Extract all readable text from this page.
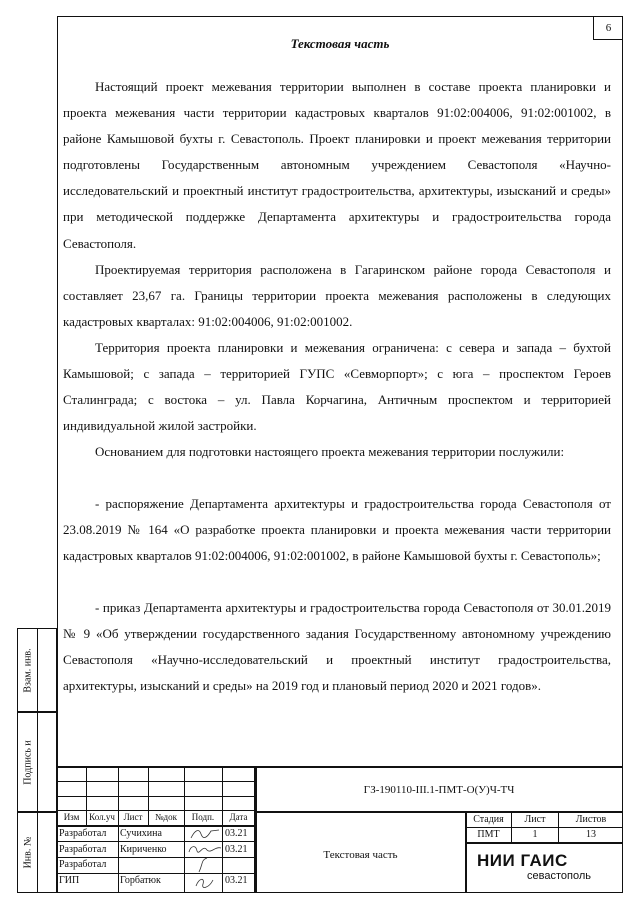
6
Текстовая часть

Настоящий проект межевания территории выполнен в составе проекта планировки и проекта межевания части территории кадастровых кварталов 91:02:004006, 91:02:001002, в районе Камышовой бухты г. Севастополь. Проект планировки и проект межевания территории подготовлены Государственным автономным учреждением Севастополя «Научно-исследовательский и проектный институт градостроительства, архитектуры, изысканий и среды» при методической поддержке Департамента архитектуры и градостроительства города Севастополя.

Проектируемая территория расположена в Гагаринском районе города Севастополя и составляет 23,67 га. Границы территории проекта межевания расположены в следующих кадастровых кварталах: 91:02:004006, 91:02:001002.

Территория проекта планировки и межевания ограничена: с севера и запада – бухтой Камышовой; с запада – территорией ГУПС «Севморпорт»; с юга – проспектом Героев Сталинграда; с востока – ул. Павла Корчагина, Античным проспектом и территорией индивидуальной жилой застройки.

Основанием для подготовки настоящего проекта межевания территории послужили:

- распоряжение Департамента архитектуры и градостроительства города Севастополя от 23.08.2019 № 164 «О разработке проекта планировки и проекта межевания части территории кадастровых кварталов 91:02:004006, 91:02:001002, в районе Камышовой бухты г. Севастополь»;

- приказ Департамента архитектуры и градостроительства города Севастополя от 30.01.2019 № 9 «Об утверждении государственного задания Государственному автономному учреждению Севастополя «Научно-исследовательский и проектный институт градостроительства, архитектуры, изысканий и среды» на 2019 год и плановый период 2020 и 2021 годов».

Взам. инв.
Подпись и
Инв. №
ГЗ-190110-III.1-ПМТ-О(У)Ч-ТЧ
Изм	Кол.уч Лист	№док	Подп.	Дата
Разработал Сучихина	03.21
Разработал Кириченко	03.21
Разработал
ГИП	Горбатюк	03.21
Текстовая часть
Стадия	Лист	Листов
ПМТ	1	13
НИИ ГАИС
севастополь
